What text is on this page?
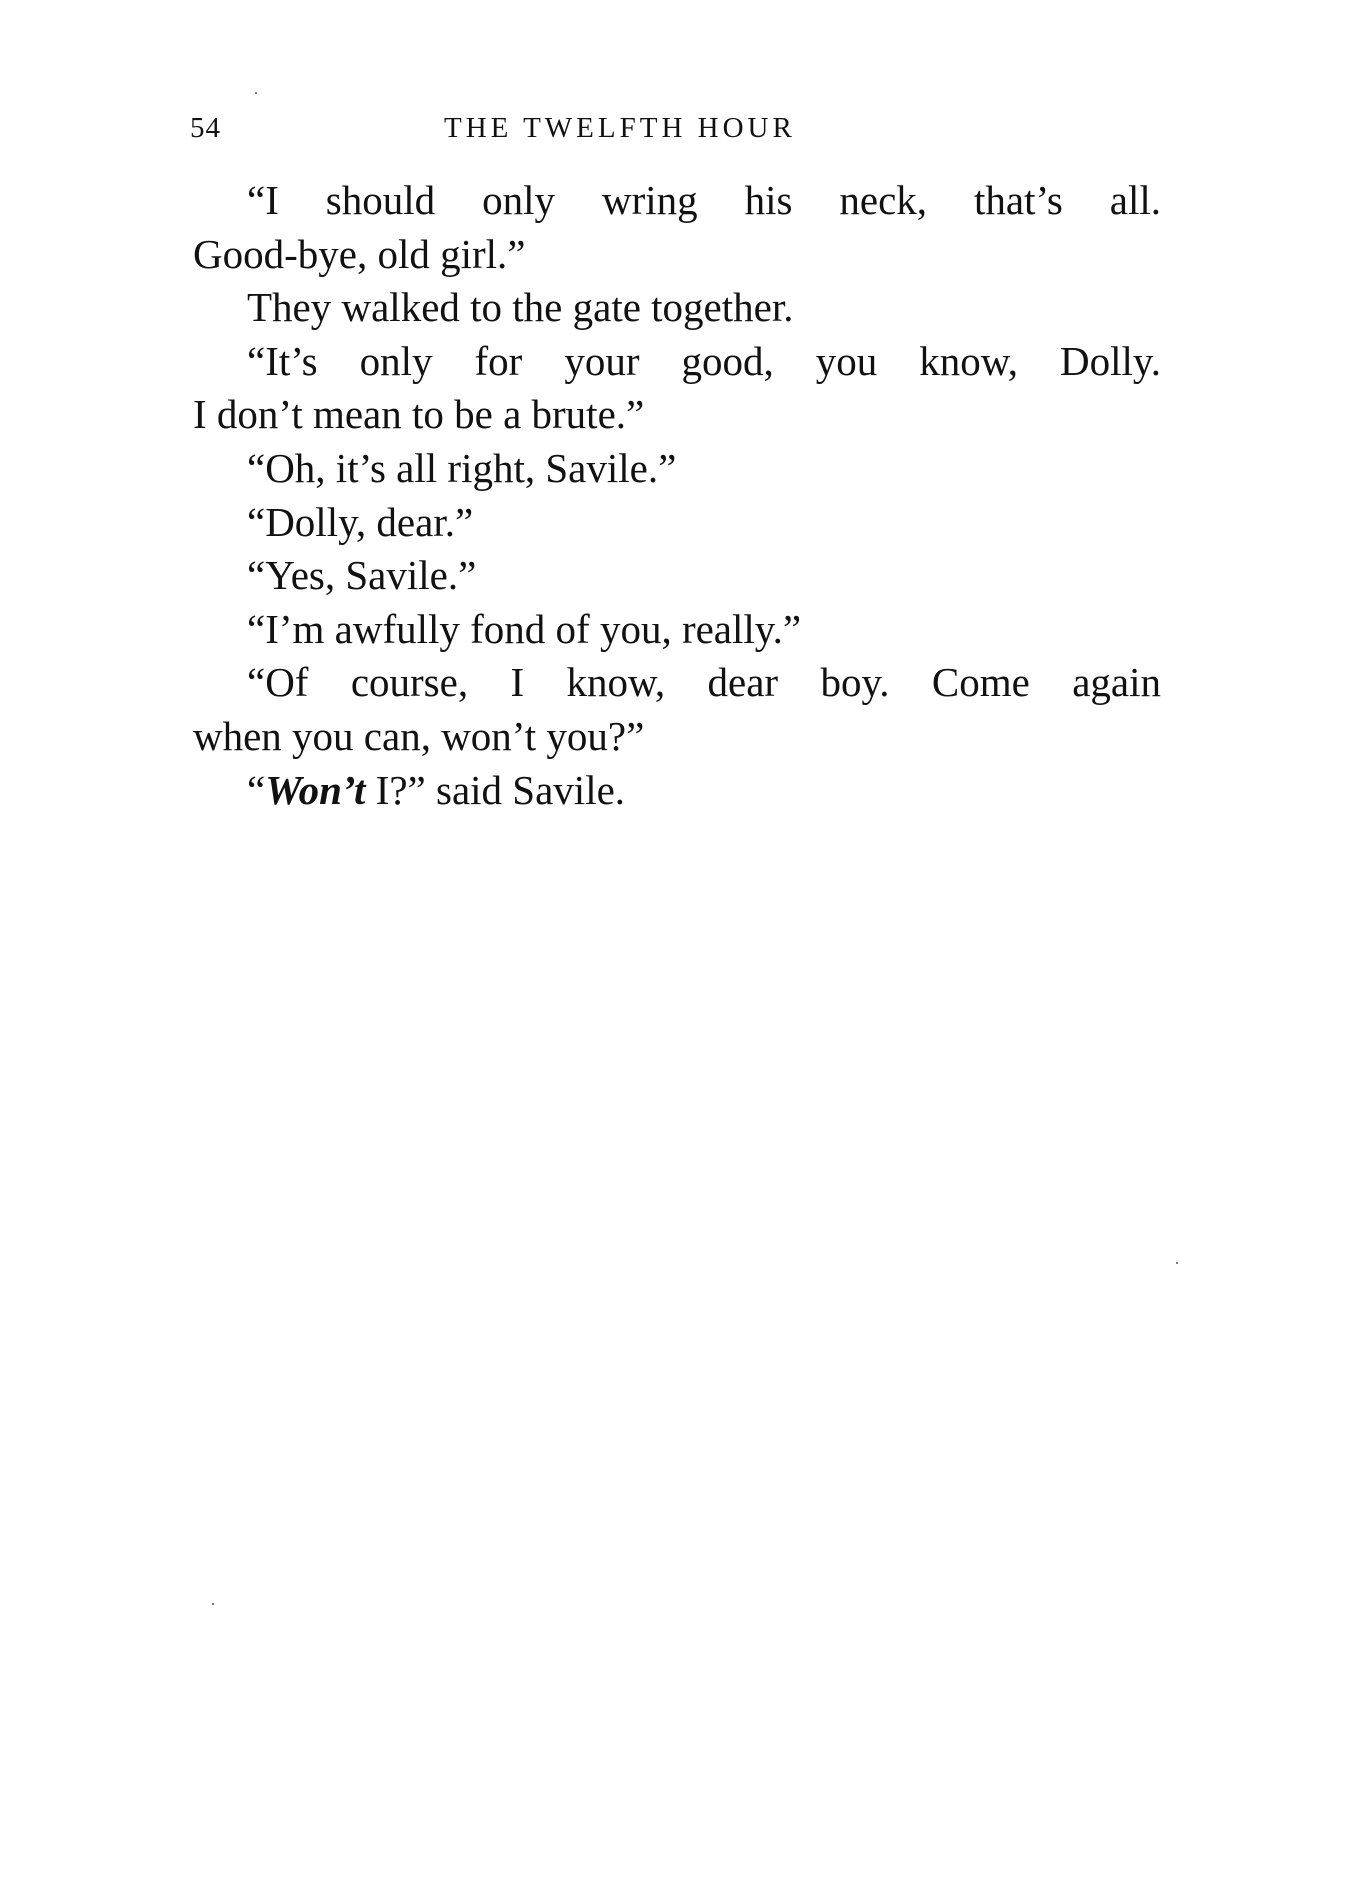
54	THE TWELFTH HOUR

“I should only wring his neck, that’s all.
Good-bye, old girl.”

They walked to the gate together.

“It’s only for your good, you know, Dolly.
I don’t mean to be a brute.”

“Oh, it’s all right, Savile.”

“Dolly, dear.”

“Yes, Savile.”

“I’m awfully fond of you, really.”

“Of course, I know, dear boy. Come again
when you can, won’t you?”

“Won’t I?” said Savile.
